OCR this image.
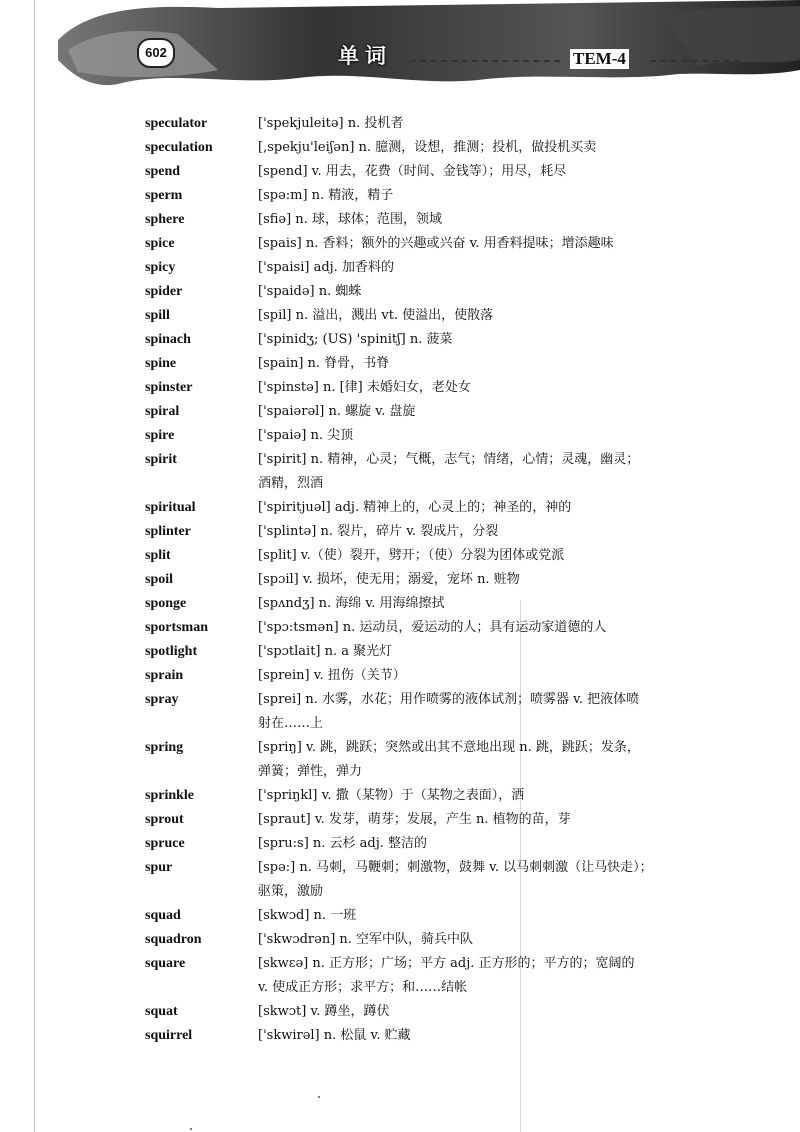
602	单词	TEM-4
speculator	['spekjuleitə] n. 投机者
speculation	[,spekju'leiʃən] n. 臆测，设想，推测；投机，做投机买卖
spend	[spend] v. 用去，花费（时间、金钱等）；用尽，耗尽
sperm	[spə:m] n. 精液，精子
sphere	[sfiə] n. 球，球体；范围，领域
spice	[spais] n. 香料；额外的兴趣或兴奋 v. 用香料提味；增添趣味
spicy	['spaisi] adj. 加香料的
spider	['spaidə] n. 蜘蛛
spill	[spil] n. 溢出，溅出 vt. 使溢出，使散落
spinach	['spinidʒ; (US) 'spinitʃ] n. 菠菜
spine	[spain] n. 脊骨，书脊
spinster	['spinstə] n. [律] 未婚妇女，老处女
spiral	['spaiərəl] n. 螺旋 v. 盘旋
spire	['spaiə] n. 尖顶
spirit	['spirit] n. 精神，心灵；气概，志气；情绪，心情；灵魂，幽灵；
酒精，烈酒
spiritual	['spiritjuəl] adj. 精神上的，心灵上的；神圣的，神的
splinter	['splintə] n. 裂片，碎片 v. 裂成片，分裂
split	[split] v.（使）裂开，劈开；（使）分裂为团体或党派
spoil	[spɔil] v. 损坏，使无用；溺爱，宠坏 n. 赃物
sponge	[spʌndʒ] n. 海绵 v. 用海绵擦拭
sportsman	['spɔ:tsmən] n. 运动员，爱运动的人；具有运动家道德的人
spotlight	['spɔtlait] n. a 聚光灯
sprain	[sprein] v. 扭伤（关节）
spray	[sprei] n. 水雾，水花；用作喷雾的液体试剂；喷雾器 v. 把液体喷
射在……上
spring	[spriŋ] v. 跳，跳跃；突然或出其不意地出现 n. 跳，跳跃；发条，
弹簧；弹性，弹力
sprinkle	['spriŋkl] v. 撒（某物）于（某物之表面），洒
sprout	[spraut] v. 发芽，萌芽；发展，产生 n. 植物的苗，芽
spruce	[spru:s] n. 云杉 adj. 整洁的
spur	[spə:] n. 马刺，马鞭刺；刺激物，鼓舞 v. 以马刺刺激（让马快走）；
驱策，激励
squad	[skwɔd] n. 一班
squadron	['skwɔdrən] n. 空军中队，骑兵中队
square	[skwɛə] n. 正方形；广场；平方 adj. 正方形的；平方的；宽阔的
v. 使成正方形；求平方；和……结帐
squat	[skwɔt] v. 蹲坐，蹲伏
squirrel	['skwirəl] n. 松鼠 v. 贮藏
